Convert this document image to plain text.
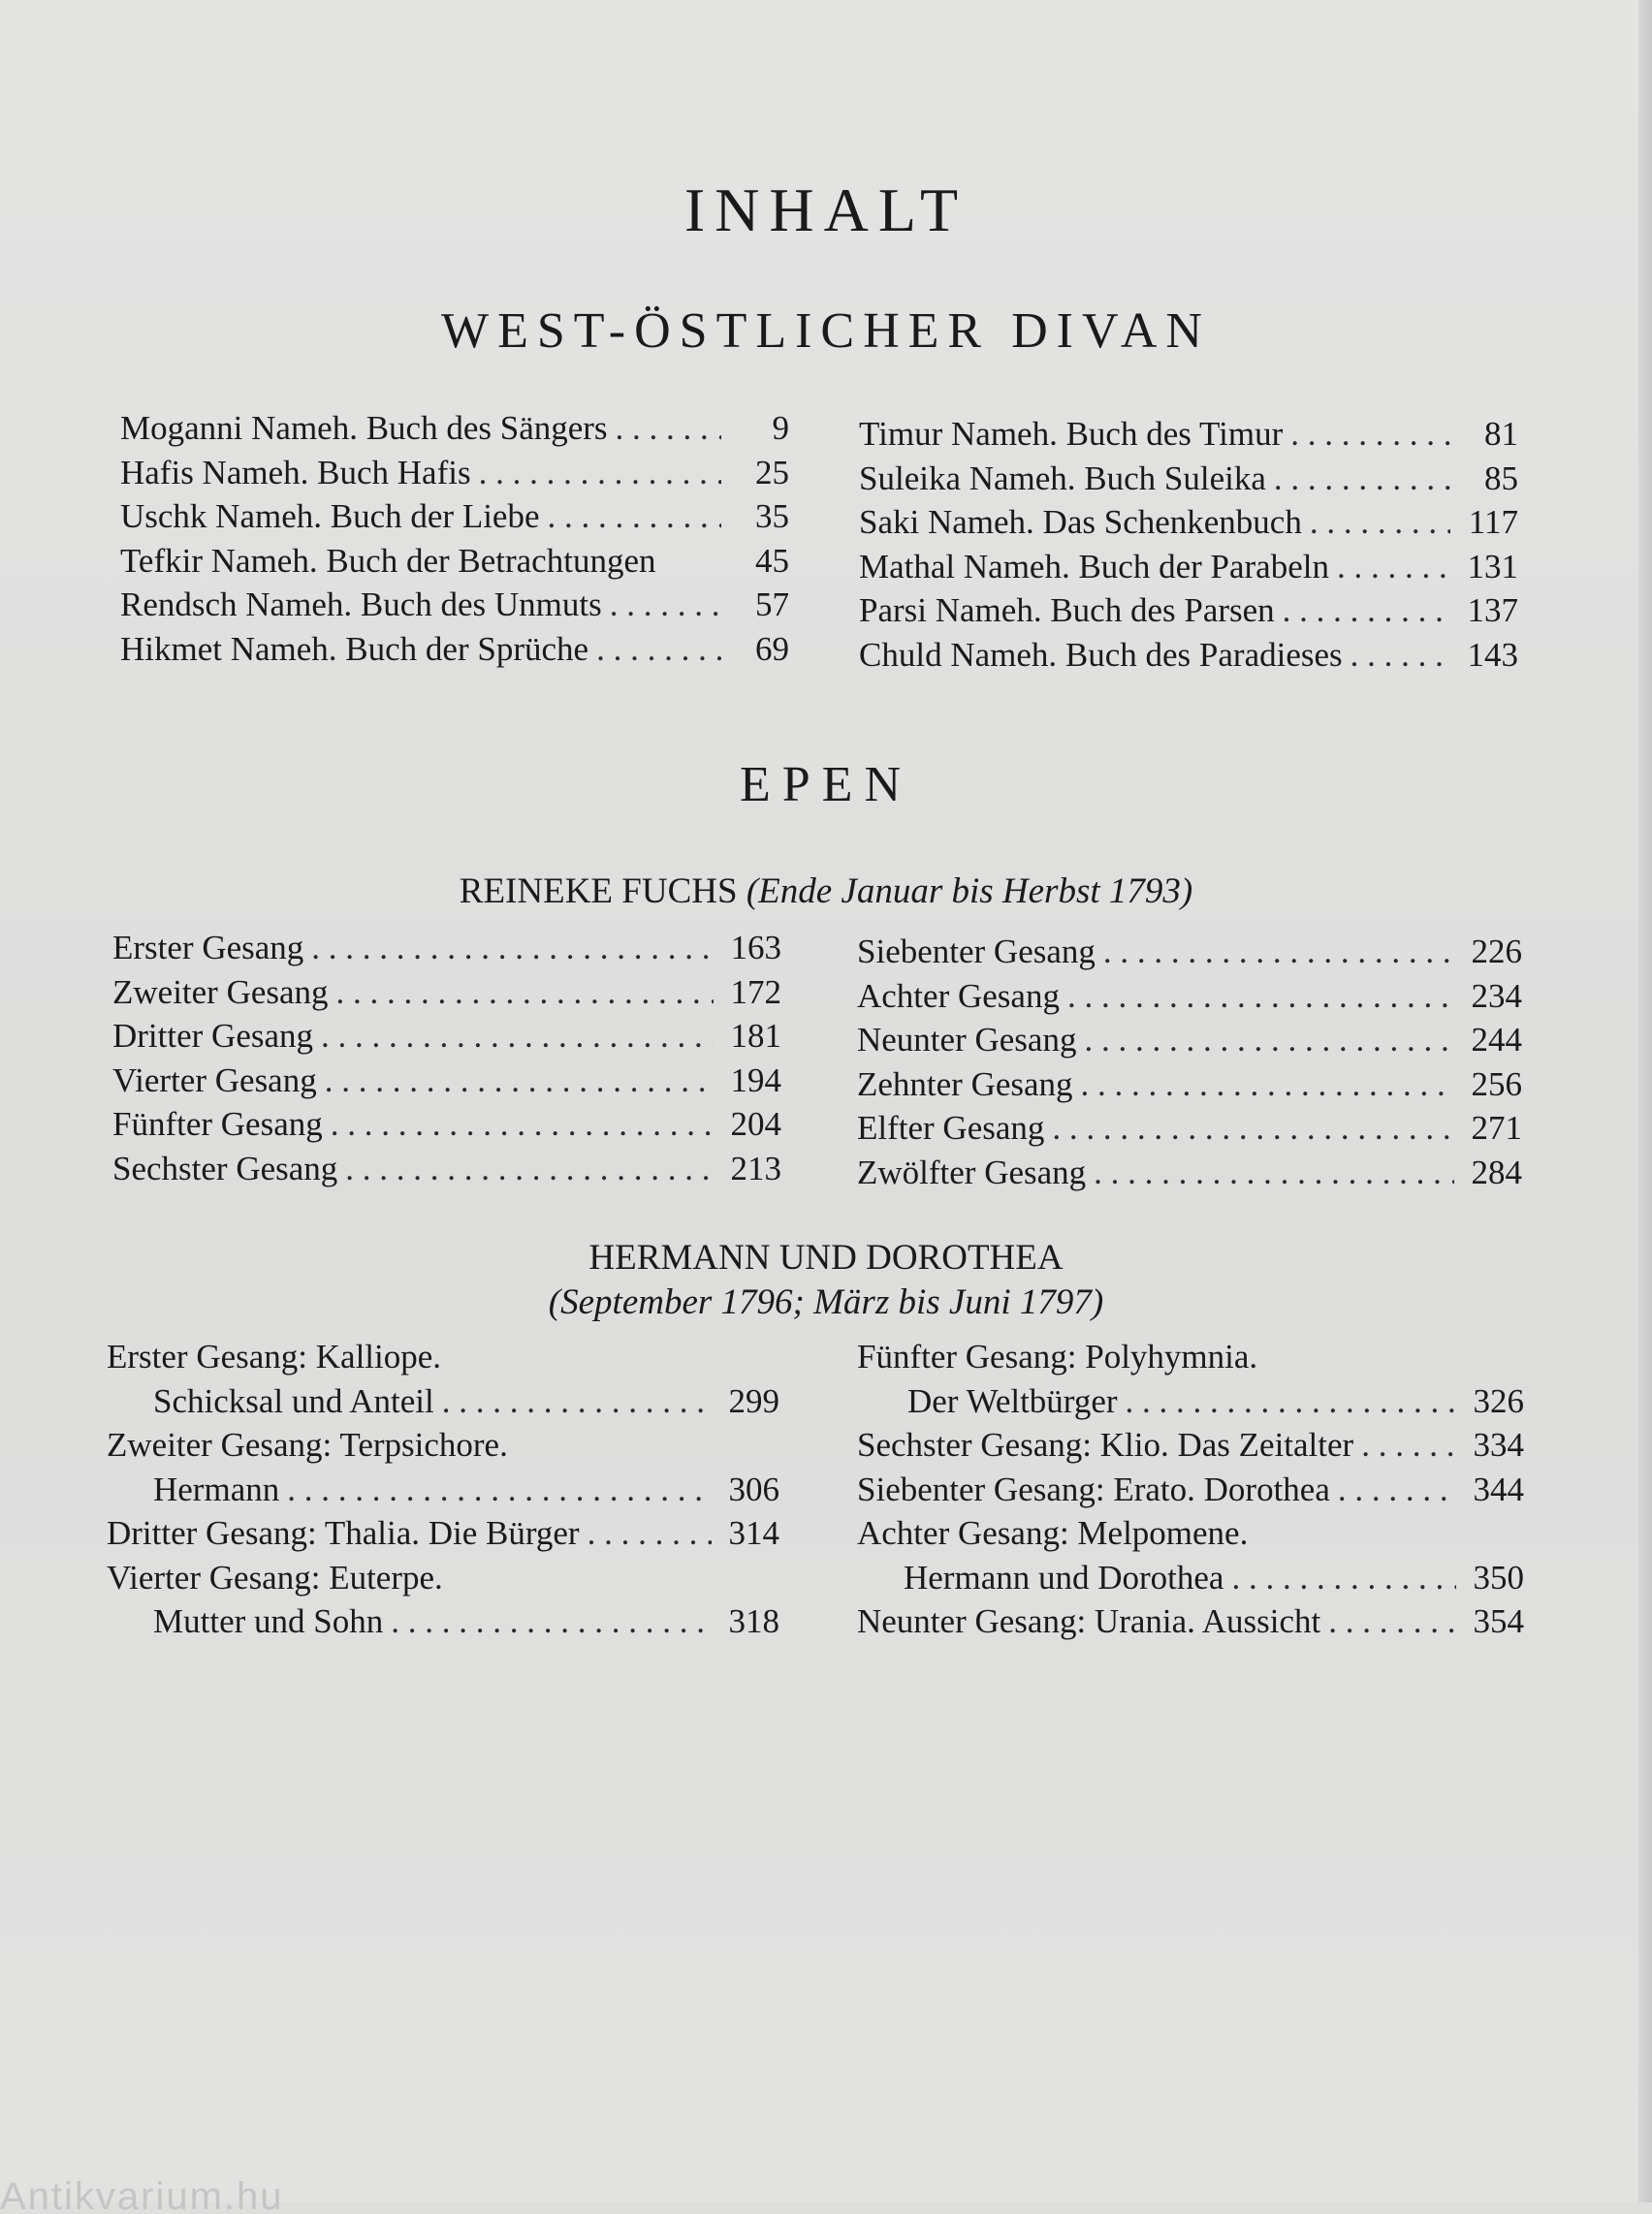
INHALT
WEST-ÖSTLICHER DIVAN
Moganni Nameh. Buch des Sängers . . .	9
Hafis Nameh. Buch Hafis . . .	25
Uschk Nameh. Buch der Liebe . . .	35
Tefkir Nameh. Buch der Betrachtungen	45
Rendsch Nameh. Buch des Unmuts . . .	57
Hikmet Nameh. Buch der Sprüche . . .	69
Timur Nameh. Buch des Timur . . .	81
Suleika Nameh. Buch Suleika . . .	85
Saki Nameh. Das Schenkenbuch . . .	117
Mathal Nameh. Buch der Parabeln . . .	131
Parsi Nameh. Buch des Parsen . . .	137
Chuld Nameh. Buch des Paradieses . . .	143
EPEN
REINEKE FUCHS (Ende Januar bis Herbst 1793)
Erster Gesang . . .	163
Zweiter Gesang . . .	172
Dritter Gesang . . .	181
Vierter Gesang . . .	194
Fünfter Gesang . . .	204
Sechster Gesang . . .	213
Siebenter Gesang . . .	226
Achter Gesang . . .	234
Neunter Gesang . . .	244
Zehnter Gesang . . .	256
Elfter Gesang . . .	271
Zwölfter Gesang . . .	284
HERMANN UND DOROTHEA
(September 1796; März bis Juni 1797)
Erster Gesang: Kalliope.
Schicksal und Anteil . . .	299
Zweiter Gesang: Terpsichore.
Hermann . . .	306
Dritter Gesang: Thalia. Die Bürger . . .	314
Vierter Gesang: Euterpe.
Mutter und Sohn . . .	318
Fünfter Gesang: Polyhymnia.
Der Weltbürger . . .	326
Sechster Gesang: Klio. Das Zeitalter . . .	334
Siebenter Gesang: Erato. Dorothea . . .	344
Achter Gesang: Melpomene.
Hermann und Dorothea . . .	350
Neunter Gesang: Urania. Aussicht . . .	354
Antikvarium.hu
